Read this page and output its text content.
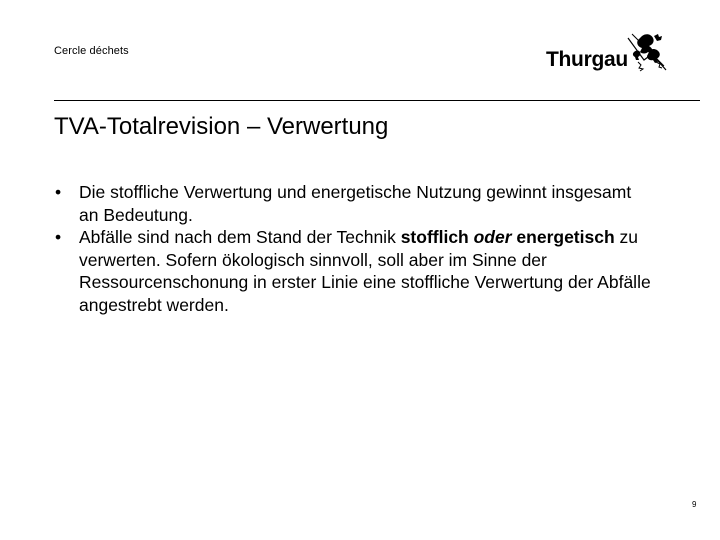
Cercle déchets	Thurgau
TVA-Totalrevision – Verwertung
• Die stoffliche Verwertung und energetische Nutzung gewinnt insgesamt an Bedeutung.
• Abfälle sind nach dem Stand der Technik stofflich oder energetisch zu verwerten. Sofern ökologisch sinnvoll, soll aber im Sinne der Ressourcenschonung in erster Linie eine stoffliche Verwertung der Abfälle angestrebt werden.
9
